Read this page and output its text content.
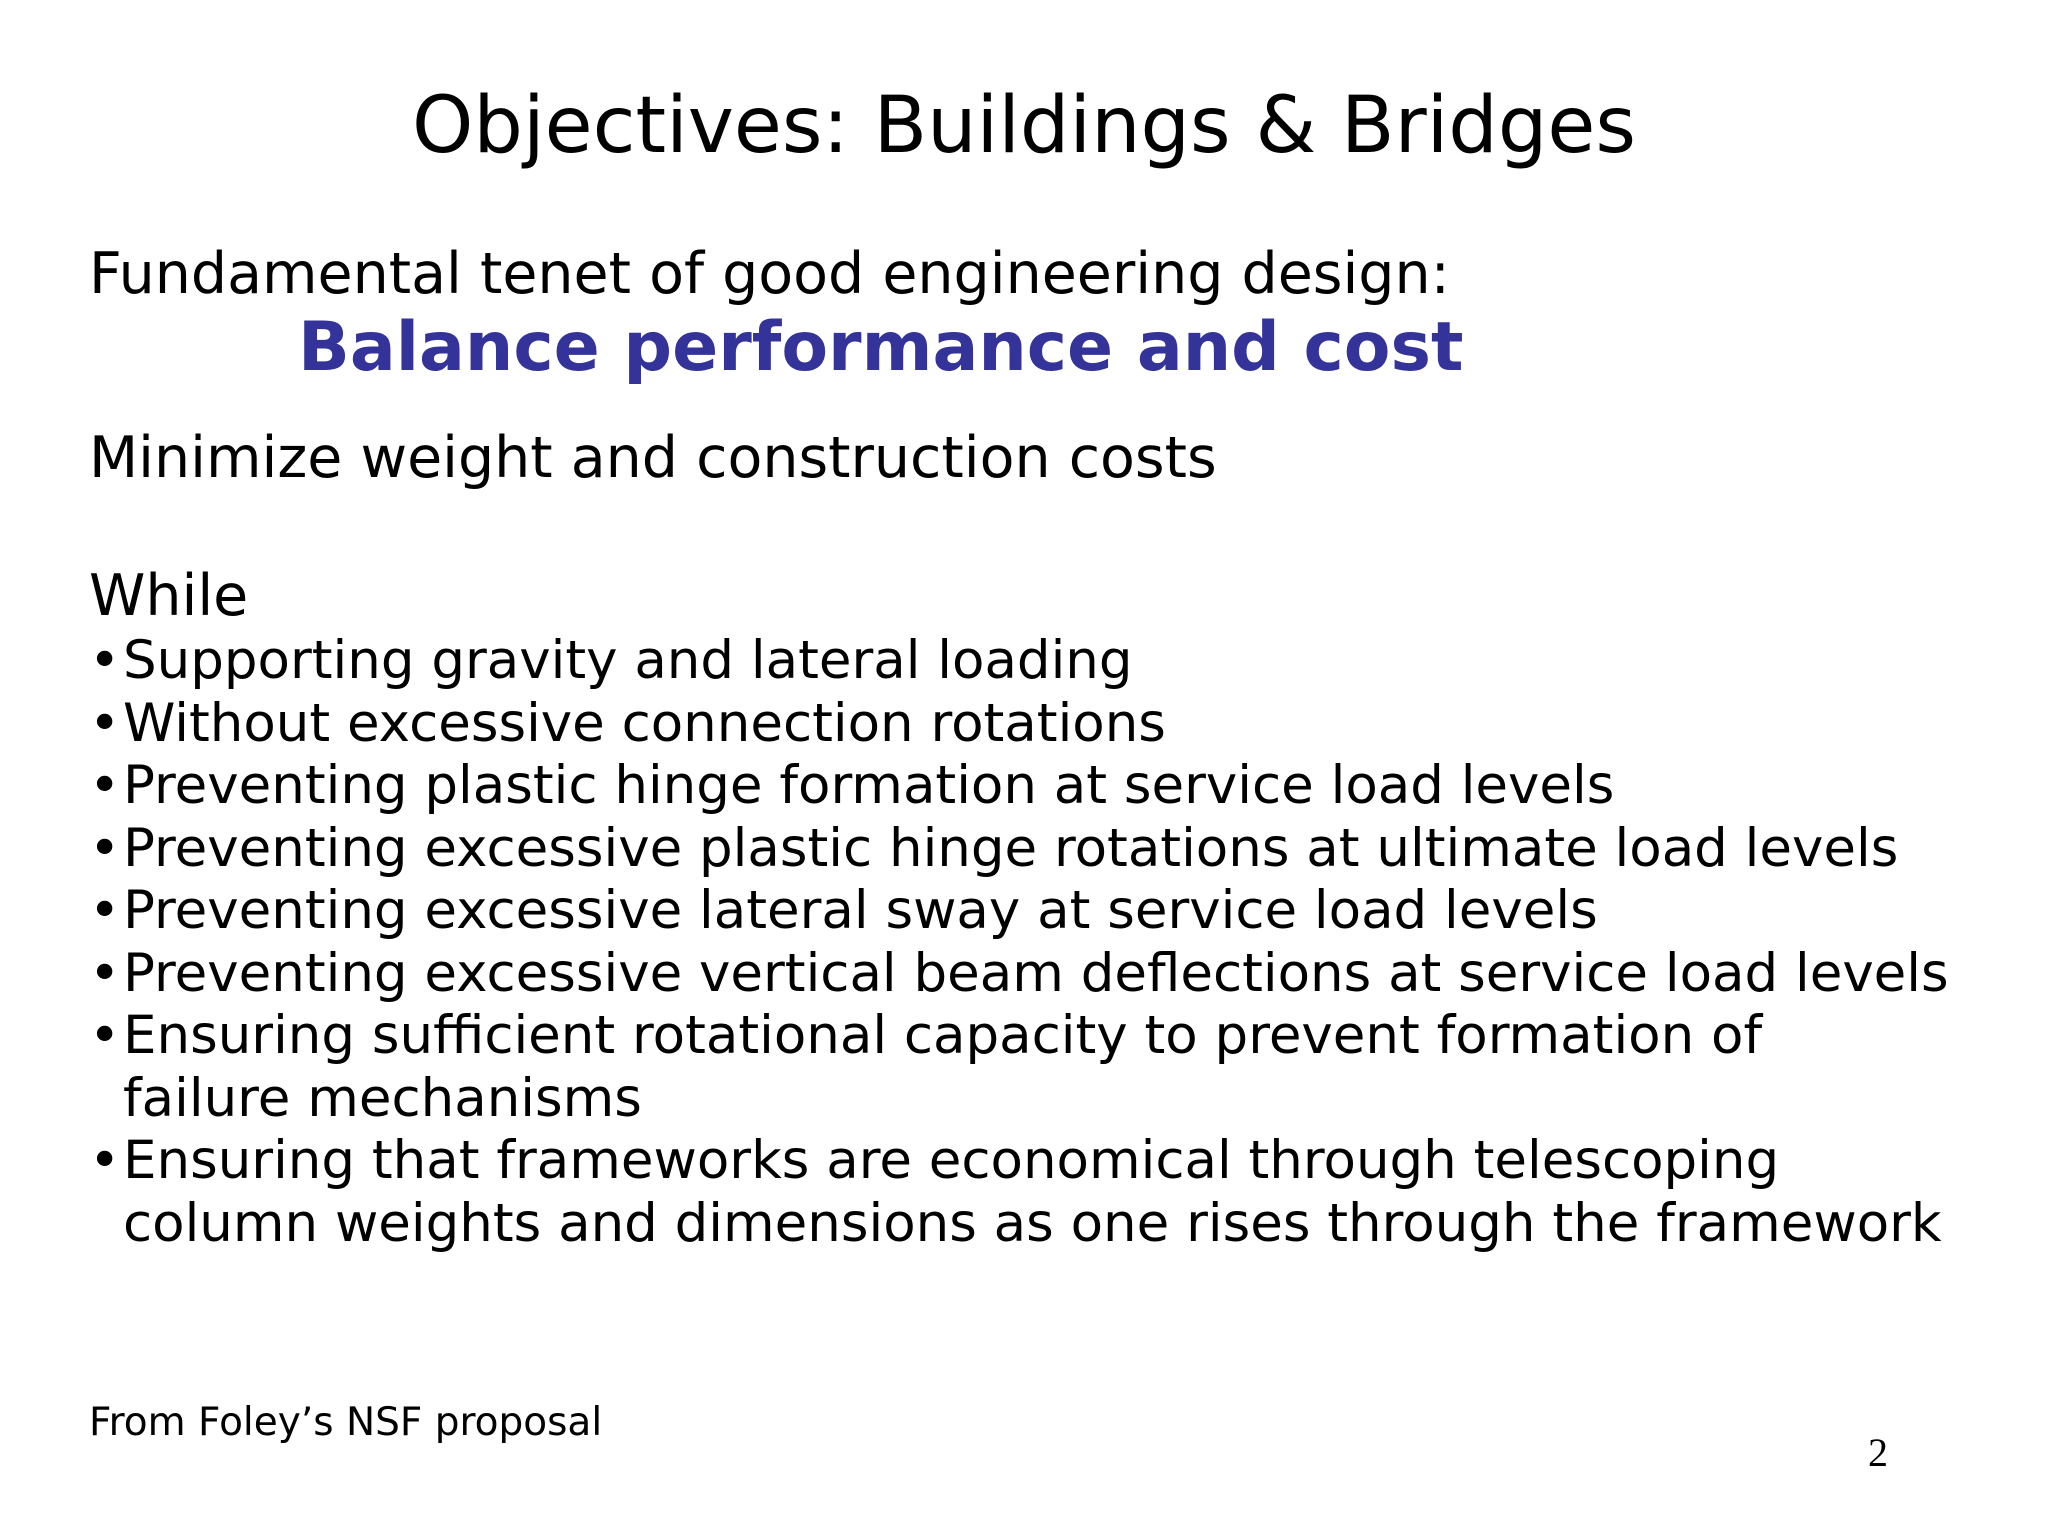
Objectives: Buildings & Bridges
Fundamental tenet of good engineering design:
Balance performance and cost
Minimize weight and construction costs
While
• Supporting gravity and lateral loading
• Without excessive connection rotations
• Preventing plastic hinge formation at service load levels
• Preventing excessive plastic hinge rotations at ultimate load levels
• Preventing excessive lateral sway at service load levels
• Preventing excessive vertical beam deflections at service load levels
• Ensuring sufficient rotational capacity to prevent formation of
failure mechanisms
• Ensuring that frameworks are economical through telescoping
column weights and dimensions as one rises through the framework
From Foley’s NSF proposal
2
